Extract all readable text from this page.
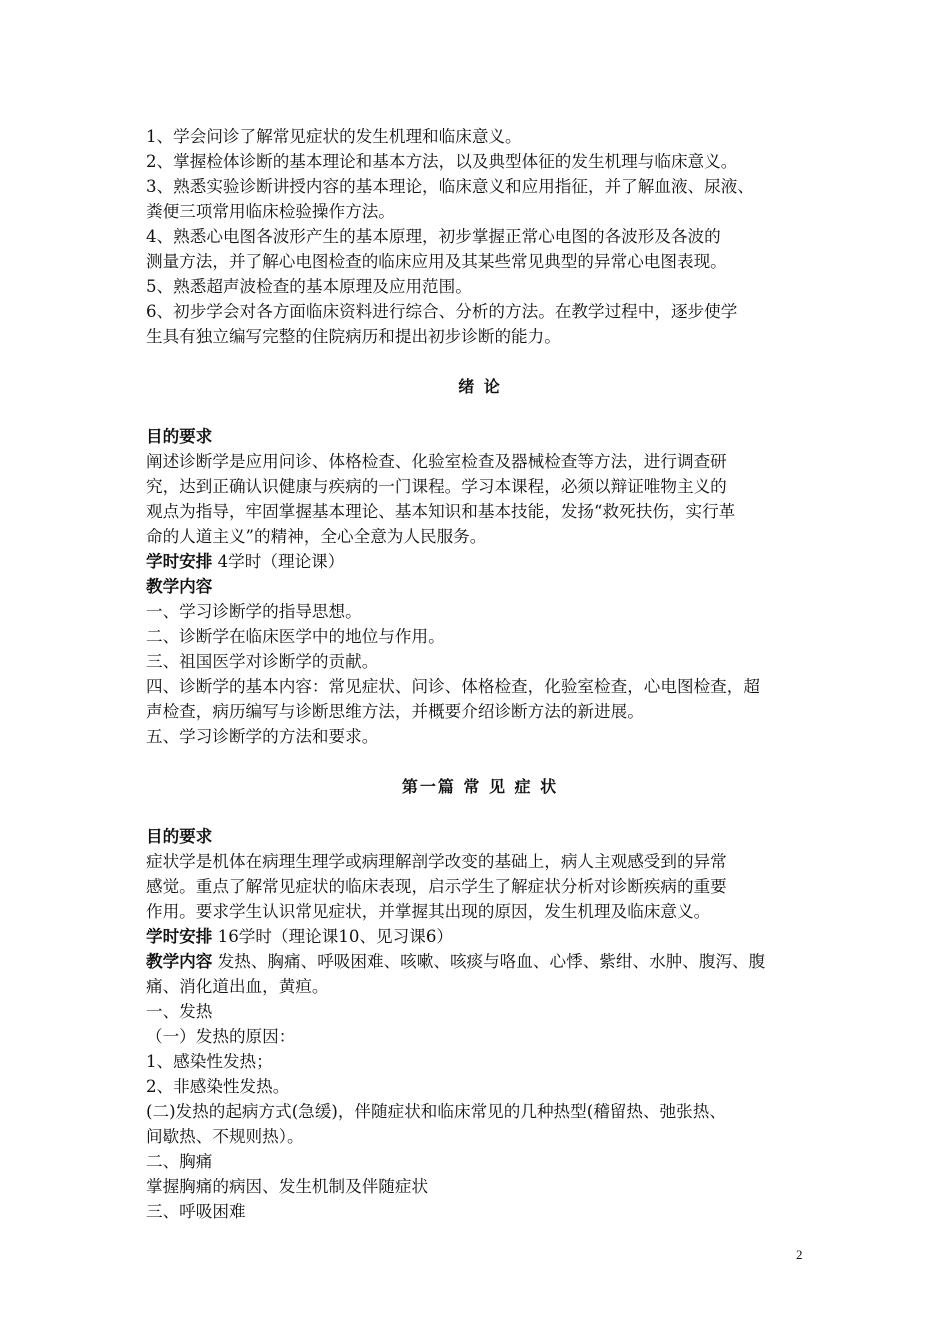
1、学会问诊了解常见症状的发生机理和临床意义。
2、掌握检体诊断的基本理论和基本方法，以及典型体征的发生机理与临床意义。
3、熟悉实验诊断讲授内容的基本理论，临床意义和应用指征，并了解血液、尿液、
粪便三项常用临床检验操作方法。
4、熟悉心电图各波形产生的基本原理，初步掌握正常心电图的各波形及各波的
测量方法，并了解心电图检查的临床应用及其某些常见典型的异常心电图表现。
5、熟悉超声波检查的基本原理及应用范围。
6、初步学会对各方面临床资料进行综合、分析的方法。在教学过程中，逐步使学
生具有独立编写完整的住院病历和提出初步诊断的能力。
绪 论
目的要求
阐述诊断学是应用问诊、体格检查、化验室检查及器械检查等方法，进行调查研
究，达到正确认识健康与疾病的一门课程。学习本课程，必须以辩证唯物主义的
观点为指导，牢固掌握基本理论、基本知识和基本技能，发扬“救死扶伤，实行革
命的人道主义”的精神，全心全意为人民服务。
学时安排 4学时（理论课）
教学内容
一、学习诊断学的指导思想。
二、诊断学在临床医学中的地位与作用。
三、祖国医学对诊断学的贡献。
四、诊断学的基本内容：常见症状、问诊、体格检查，化验室检查，心电图检查，超
声检查，病历编写与诊断思维方法，并概要介绍诊断方法的新进展。
五、学习诊断学的方法和要求。
第一篇 常 见 症 状
目的要求
症状学是机体在病理生理学或病理解剖学改变的基础上，病人主观感受到的异常
感觉。重点了解常见症状的临床表现，启示学生了解症状分析对诊断疾病的重要
作用。要求学生认识常见症状，并掌握其出现的原因，发生机理及临床意义。
学时安排 16学时（理论课10、见习课6）
教学内容 发热、胸痛、呼吸困难、咳嗽、咳痰与咯血、心悸、紫绀、水肿、腹泻、腹
痛、消化道出血，黄疸。
一、发热
（一）发热的原因：
1、感染性发热；
2、非感染性发热。
(二)发热的起病方式(急缓)，伴随症状和临床常见的几种热型(稽留热、弛张热、
间歇热、不规则热）。
二、胸痛
掌握胸痛的病因、发生机制及伴随症状
三、呼吸困难
2
